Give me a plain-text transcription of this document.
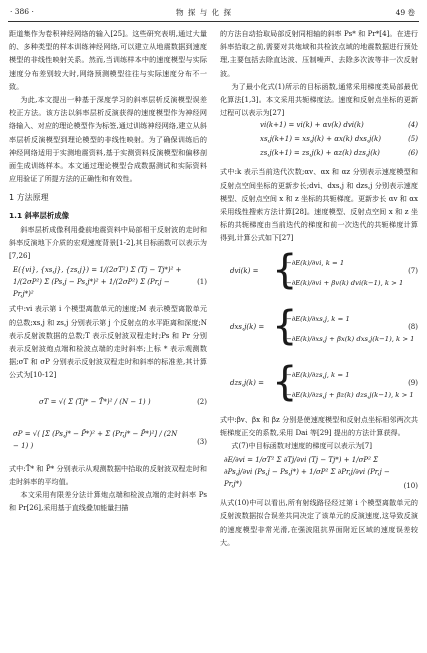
· 386 ·	物 探 与 化 探	49 卷

距道集作为卷积神经网络的输入[25]。这些研究表明,通过大量的、多种类型的样本训练神经网络,可以建立从地震数据到速度模型的非线性映射关系。然而,当训练样本中的速度模型与实际速度分布差别较大时,网络预测模型往往与实际速度分布不一致。

为此,本文提出一种基于深度学习的斜率层析反演模型误差校正方法。该方法以斜率层析反演获得的速度模型作为神经网络输入、对应的理论模型作为标签,通过训练神经网络,建立从斜率层析反演模型到理论模型的非线性映射。为了确保训练后的神经网络适用于实测地震资料,基于实测资料反演模型和偏移剖面生成训练样本。本文通过理论模型合成数据测试和实际资料应用验证了所提方法的正确性和有效性。

1 方法原理
1.1 斜率层析成像

斜率层析成像利用叠前地震资料中局部相干反射波的走时和斜率反演地下介质的宏观速度背景[1-2],其目标函数可以表示为[7,26]

E({vi}, {xs,j}, {zs,j}) = 1/(2σT²) Σ (Tj − Tj*)² + 1/(2σP²) Σ (Ps,j − Ps,j*)² + 1/(2σP²) Σ (Pr,j − Pr,j*)²
(1)

式中:vi 表示第 i 个模型离散单元的速度;M 表示模型离散单元的总数;xs,j 和 zs,j 分别表示第 j 个反射点的水平距离和深度;N 表示反射波数据的总数;T 表示反射波双程走时;Ps 和 Pr 分别表示反射波炮点端和检波点端的走时斜率;上标 * 表示观测数据;σT 和 σP 分别表示反射波双程走时和斜率的标准差,其计算公式为[10-12]

σT = √( Σ (Tj* − T̄*)² / (N − 1) )	(2)
σP = √( [Σ (Ps,j* − P̄*)² + Σ (Pr,j* − P̄*)²] / (2N − 1) )	(3)

式中:T̄* 和 P̄* 分别表示从观测数据中拾取的反射波双程走时和走时斜率的平均值。

本文采用有限差分法计算炮点端和检波点端的走时斜率 Ps 和 Pr[26],采用基于直线叠加能量扫描

的方法自动拾取局部反射同相轴的斜率 Ps* 和 Pr*[4]。在进行斜率拾取之前,需要对共炮域和共检波点域的地震数据进行预处理,主要包括去除直达波、压制噪声、去除多次波等非一次反射波。

为了最小化式(1)所示的目标函数,通常采用梯度类局部最优化算法[1,3]。本文采用共轭梯度法。速度和反射点坐标的更新过程可以表示为[27]

vi(k+1) = vi(k) + αv(k) dvi(k)	(4)
xs,j(k+1) = xs,j(k) + αx(k) dxs,j(k)	(5)
zs,j(k+1) = zs,j(k) + αz(k) dzs,j(k)	(6)

式中:k 表示当前迭代次数;αv、αx 和 αz 分别表示速度模型和反射点空间坐标的更新步长;dvi、dxs,j 和 dzs,j 分别表示速度模型、反射点空间 x 和 z 坐标的共轭梯度。更新步长 αv 和 αx 采用线性搜索方法计算[28]。速度模型、反射点空间 x 和 z 坐标的共轭梯度由当前迭代的梯度和前一次迭代的共轭梯度计算得到,计算公式如下[27]

dvi(k) = {
−∂E(k)/∂vi, k = 1
−∂E(k)/∂vi + βv(k) dvi(k−1), k > 1
(7)
dxs,j(k) = {
−∂E(k)/∂xs,j, k = 1
−∂E(k)/∂xs,j + βx(k) dxs,j(k−1), k > 1
(8)
dzs,j(k) = {
−∂E(k)/∂zs,j, k = 1
−∂E(k)/∂zs,j + βz(k) dzs,j(k−1), k > 1
(9)

式中:βv、βx 和 βz 分别是使速度模型和反射点坐标相邻两次共轭梯度正交的系数,采用 Dai 等[29] 提出的方法计算获得。

式(7)中目标函数对速度的梯度可以表示为[7]

∂E/∂vi = 1/σT² Σ ∂Tj/∂vi (Tj − Tj*) + 1/σP² Σ ∂Ps,j/∂vi (Ps,j − Ps,j*) + 1/σP² Σ ∂Pr,j/∂vi (Pr,j − Pr,j*)	(10)

从式(10)中可以看出,所有射线路径经过第 i 个模型离散单元的反射波数据拟合误差共同决定了该单元的反演速度,这导致反演的速度模型非常光滑,在强波阻抗界面附近区域的速度误差较大。
